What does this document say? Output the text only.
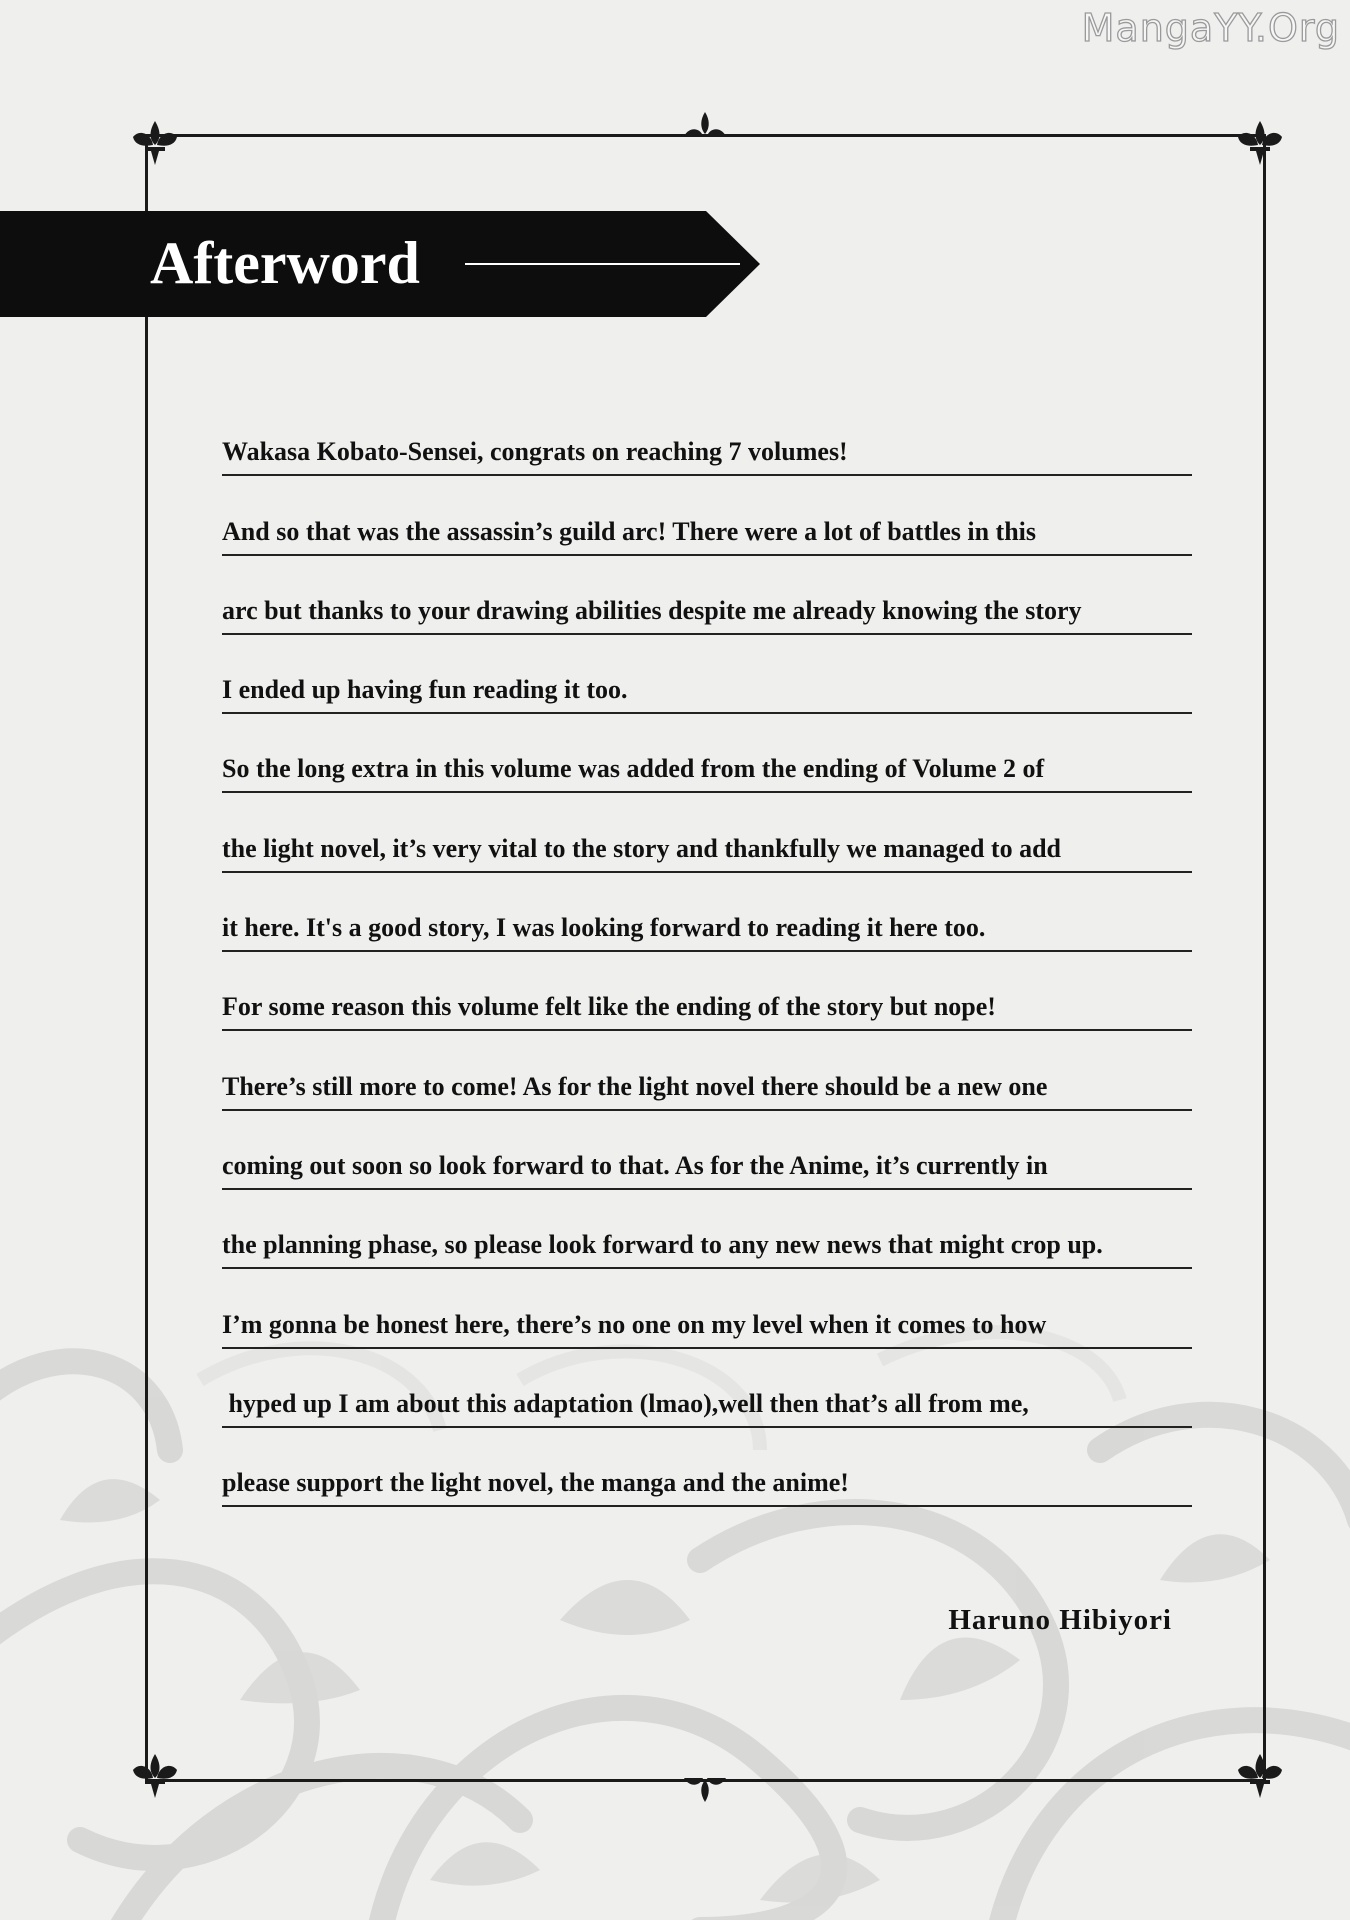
MangaYY.Org
Afterword
Wakasa Kobato-Sensei, congrats on reaching 7 volumes!
And so that was the assassin’s guild arc! There were a lot of battles in this
arc but thanks to your drawing abilities despite me already knowing the story
I ended up having fun reading it too.
So the long extra in this volume was added from the ending of Volume 2 of
the light novel, it’s very vital to the story and thankfully we managed to add
it here. It's a good story, I was looking forward to reading it here too.
For some reason this volume felt like the ending of the story but nope!
There’s still more to come! As for the light novel there should be a new one
coming out soon so look forward to that. As for the Anime, it’s currently in
the planning phase, so please look forward to any new news that might crop up.
I’m gonna be honest here, there’s no one on my level when it comes to how
hyped up I am about this adaptation (lmao),well then that’s all from me,
please support the light novel, the manga and the anime!
Haruno Hibiyori
